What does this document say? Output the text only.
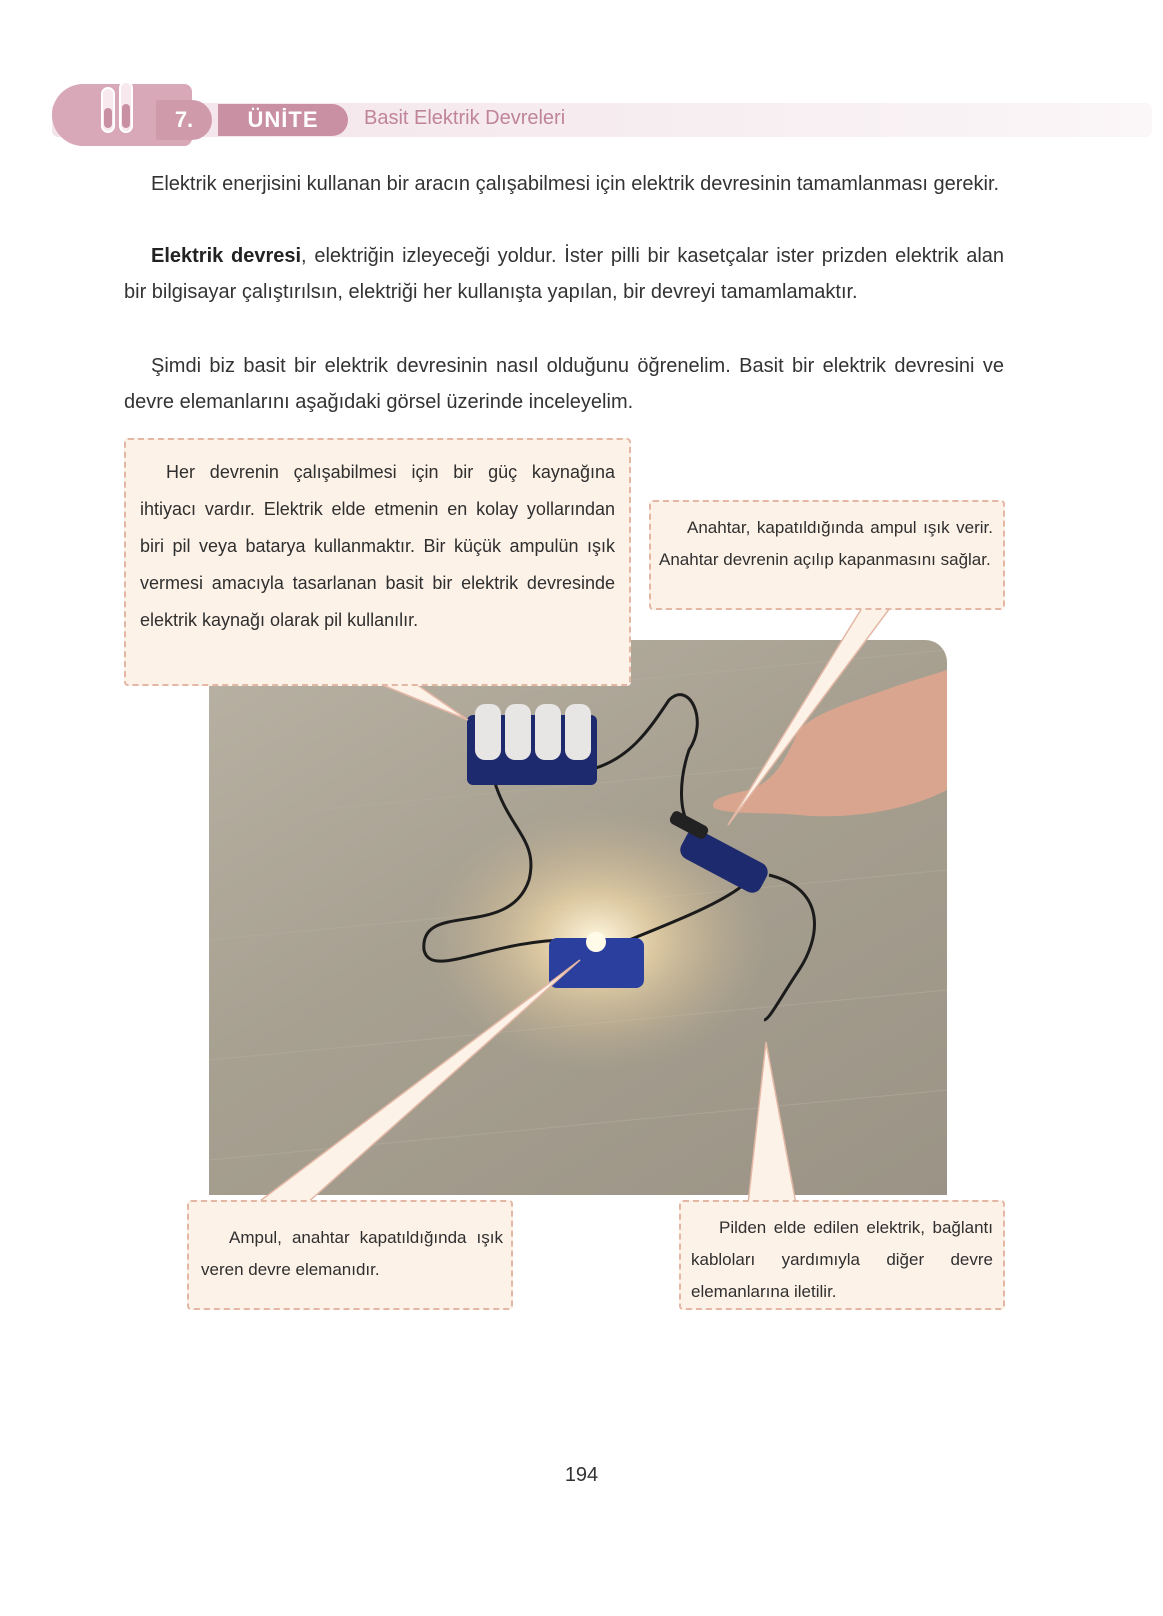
7.	ÜNİTE	Basit Elektrik Devreleri
Elektrik enerjisini kullanan bir aracın çalışabilmesi için elektrik devresinin tamamlanması gerekir.
Elektrik devresi, elektriğin izleyeceği yoldur. İster pilli bir kasetçalar ister prizden elektrik alan bir bilgisayar çalıştırılsın, elektriği her kullanışta yapılan, bir devreyi tamamlamaktır.
Şimdi biz basit bir elektrik devresinin nasıl olduğunu öğrenelim. Basit bir elektrik devresini ve devre elemanlarını aşağıdaki görsel üzerinde inceleyelim.
Her devrenin çalışabilmesi için bir güç kaynağına ihtiyacı vardır. Elektrik elde etmenin en kolay yollarından biri pil veya batarya kullanmaktır. Bir küçük ampulün ışık vermesi amacıyla tasarlanan basit bir elektrik devresinde elektrik kaynağı olarak pil kullanılır.
Anahtar, kapatıldığında ampul ışık verir. Anahtar devrenin açılıp kapanmasını sağlar.
Ampul, anahtar kapatıldığında ışık veren devre elemanıdır.
Pilden elde edilen elektrik, bağlantı kabloları yardımıyla diğer devre elemanlarına iletilir.
194
